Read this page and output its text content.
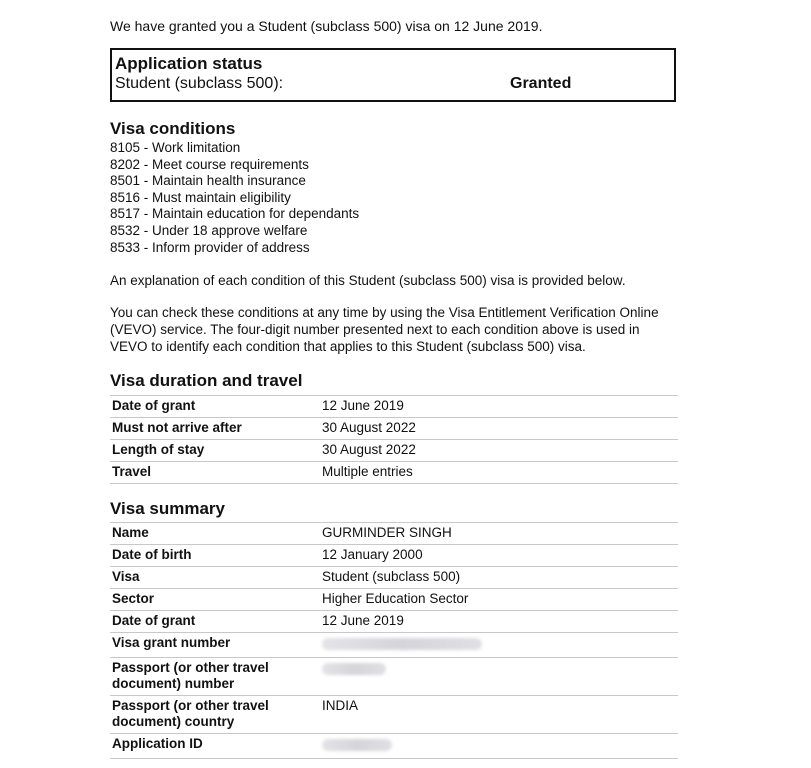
We have granted you a Student (subclass 500) visa on 12 June 2019.
Application status
Student (subclass 500):	Granted
Visa conditions
8105 - Work limitation
8202 - Meet course requirements
8501 - Maintain health insurance
8516 - Must maintain eligibility
8517 - Maintain education for dependants
8532 - Under 18 approve welfare
8533 - Inform provider of address
An explanation of each condition of this Student (subclass 500) visa is provided below.
You can check these conditions at any time by using the Visa Entitlement Verification Online (VEVO) service. The four-digit number presented next to each condition above is used in VEVO to identify each condition that applies to this Student (subclass 500) visa.
Visa duration and travel
Date of grant	12 June 2019
Must not arrive after	30 August 2022
Length of stay	30 August 2022
Travel	Multiple entries
Visa summary
Name	GURMINDER SINGH
Date of birth	12 January 2000
Visa	Student (subclass 500)
Sector	Higher Education Sector
Date of grant	12 June 2019
Visa grant number	
Passport (or other travel document) number	
Passport (or other travel document) country	INDIA
Application ID	
